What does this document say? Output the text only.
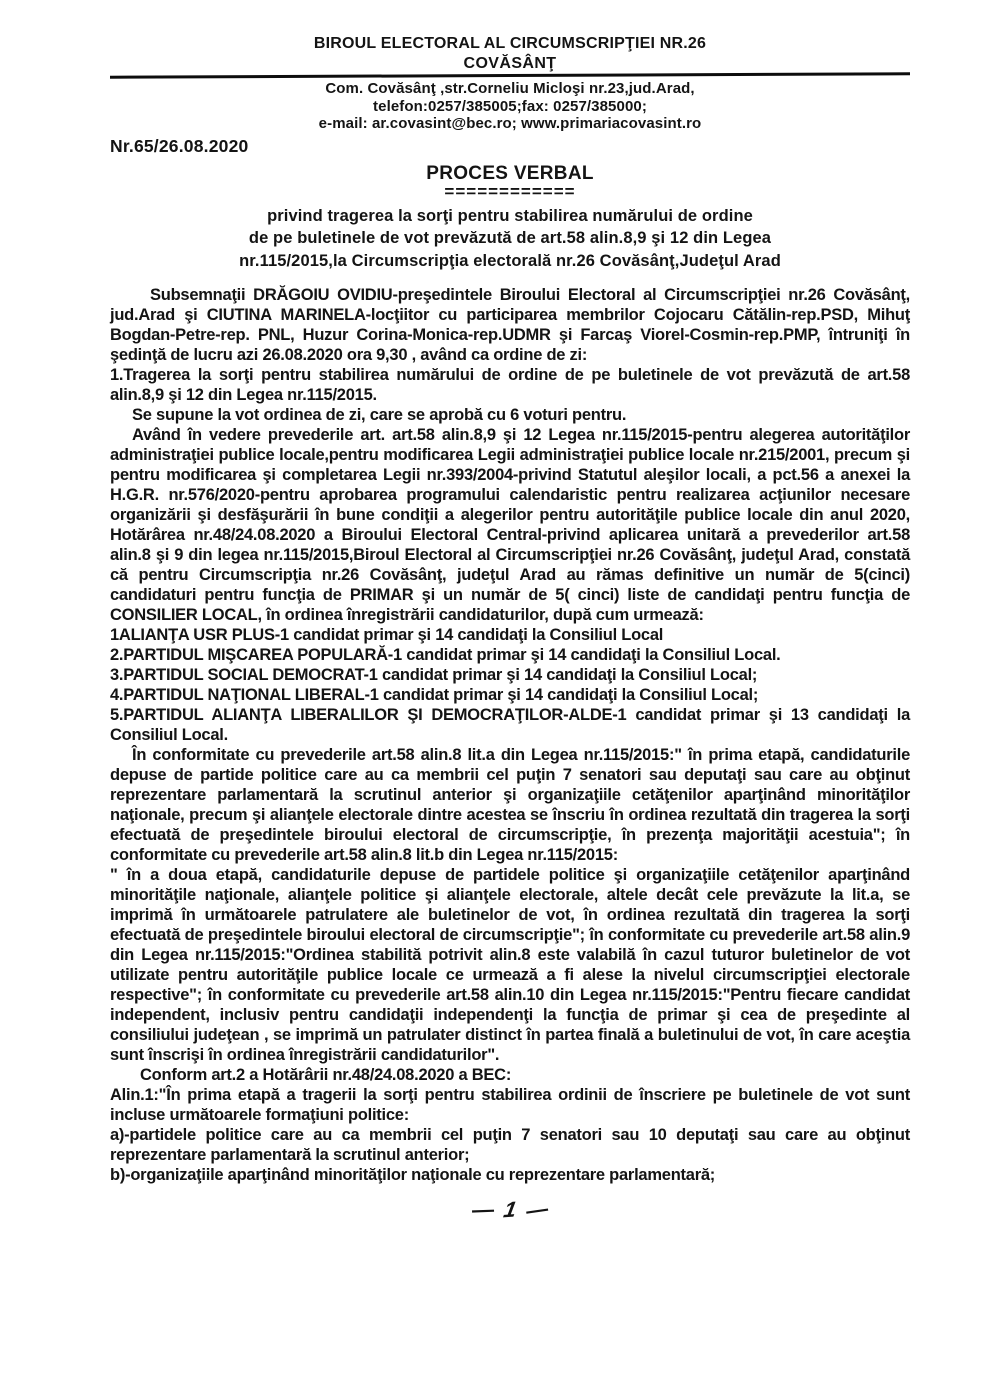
BIROUL ELECTORAL AL CIRCUMSCRIPŢIEI NR.26
COVĂSÂNŢ
Com. Covăsânţ ,str.Corneliu Micloşi nr.23,jud.Arad,
telefon:0257/385005;fax: 0257/385000;
e-mail: ar.covasint@bec.ro; www.primariacovasint.ro
Nr.65/26.08.2020
PROCES VERBAL
============
privind tragerea la sorţi pentru stabilirea numărului de ordine
de pe buletinele de vot prevăzută de art.58 alin.8,9 şi 12 din Legea
nr.115/2015,la Circumscripţia electorală nr.26 Covăsânţ,Judeţul Arad

Subsemnaţii DRĂGOIU OVIDIU-preşedintele Biroului Electoral al Circumscripţiei nr.26 Covăsânţ, jud.Arad şi CIUTINA MARINELA-locţiitor cu participarea membrilor Cojocaru Cătălin-rep.PSD, Mihuţ Bogdan-Petre-rep. PNL, Huzur Corina-Monica-rep.UDMR şi Farcaş Viorel-Cosmin-rep.PMP, întruniţi în şedinţă de lucru azi 26.08.2020 ora 9,30 , având ca ordine de zi:

1.Tragerea la sorţi pentru stabilirea numărului de ordine de pe buletinele de vot prevăzută de art.58 alin.8,9 şi 12 din Legea nr.115/2015.

Se supune la vot ordinea de zi, care se aprobă cu 6 voturi pentru.

Având în vedere prevederile art. art.58 alin.8,9 şi 12 Legea nr.115/2015-pentru alegerea autorităţilor administraţiei publice locale,pentru modificarea Legii administraţiei publice locale nr.215/2001, precum şi pentru modificarea şi completarea Legii nr.393/2004-privind Statutul aleşilor locali, a pct.56 a anexei la H.G.R. nr.576/2020-pentru aprobarea programului calendaristic pentru realizarea acţiunilor necesare organizării şi desfăşurării în bune condiţii a alegerilor pentru autorităţile publice locale din anul 2020, Hotărârea nr.48/24.08.2020 a Biroului Electoral Central-privind aplicarea unitară a prevederilor art.58 alin.8 şi 9 din legea nr.115/2015,Biroul Electoral al Circumscripţiei nr.26 Covăsânţ, judeţul Arad, constată că pentru Circumscripţia nr.26 Covăsânţ, judeţul Arad au rămas definitive un număr de 5(cinci) candidaturi pentru funcţia de PRIMAR şi un număr de 5( cinci) liste de candidaţi pentru funcţia de CONSILIER LOCAL, în ordinea înregistrării candidaturilor, după cum urmează:

1ALIANŢA USR PLUS-1 candidat primar şi 14 candidaţi la Consiliul Local

2.PARTIDUL MIŞCAREA POPULARĂ-1 candidat primar şi 14 candidaţi la Consiliul Local.

3.PARTIDUL SOCIAL DEMOCRAT-1 candidat primar şi 14 candidaţi la Consiliul Local;

4.PARTIDUL NAŢIONAL LIBERAL-1 candidat primar şi 14 candidaţi la Consiliul Local;

5.PARTIDUL ALIANŢA LIBERALILOR ŞI DEMOCRAŢILOR-ALDE-1 candidat primar şi 13 candidaţi la Consiliul Local.

În conformitate cu prevederile art.58 alin.8 lit.a din Legea nr.115/2015:" în prima etapă, candidaturile depuse de partide politice care au ca membrii cel puţin 7 senatori sau deputaţi sau care au obţinut reprezentare parlamentară la scrutinul anterior şi organizaţiile cetăţenilor aparţinând minorităţilor naţionale, precum şi alianţele electorale dintre acestea se înscriu în ordinea rezultată din tragerea la sorţi efectuată de preşedintele biroului electoral de circumscripţie, în prezenţa majorităţii acestuia"; în conformitate cu prevederile art.58 alin.8 lit.b din Legea nr.115/2015:

" în a doua etapă, candidaturile depuse de partidele politice şi organizaţiile cetăţenilor aparţinând minorităţile naţionale, alianţele politice şi alianţele electorale, altele decât cele prevăzute la lit.a, se imprimă în următoarele patrulatere ale buletinelor de vot, în ordinea rezultată din tragerea la sorţi efectuată de preşedintele biroului electoral de circumscripţie"; în conformitate cu prevederile art.58 alin.9 din Legea nr.115/2015:"Ordinea stabilită potrivit alin.8 este valabilă în cazul tuturor buletinelor de vot utilizate pentru autorităţile publice locale ce urmează a fi alese la nivelul circumscripţiei electorale respective"; în conformitate cu prevederile art.58 alin.10 din Legea nr.115/2015:"Pentru fiecare candidat independent, inclusiv pentru candidaţii independenţi la funcţia de primar şi cea de preşedinte al consiliului judeţean , se imprimă un patrulater distinct în partea finală a buletinului de vot, în care aceştia sunt înscrişi în ordinea înregistrării candidaturilor".

Conform art.2 a Hotărârii nr.48/24.08.2020 a BEC:

Alin.1:"În prima etapă a tragerii la sorţi pentru stabilirea ordinii de înscriere pe buletinele de vot sunt incluse următoarele formaţiuni politice:

a)-partidele politice care au ca membrii cel puţin 7 senatori sau 10 deputaţi sau care au obţinut reprezentare parlamentară la scrutinul anterior;

b)-organizaţiile aparţinând minorităţilor naţionale cu reprezentare parlamentară;

— 1 —
